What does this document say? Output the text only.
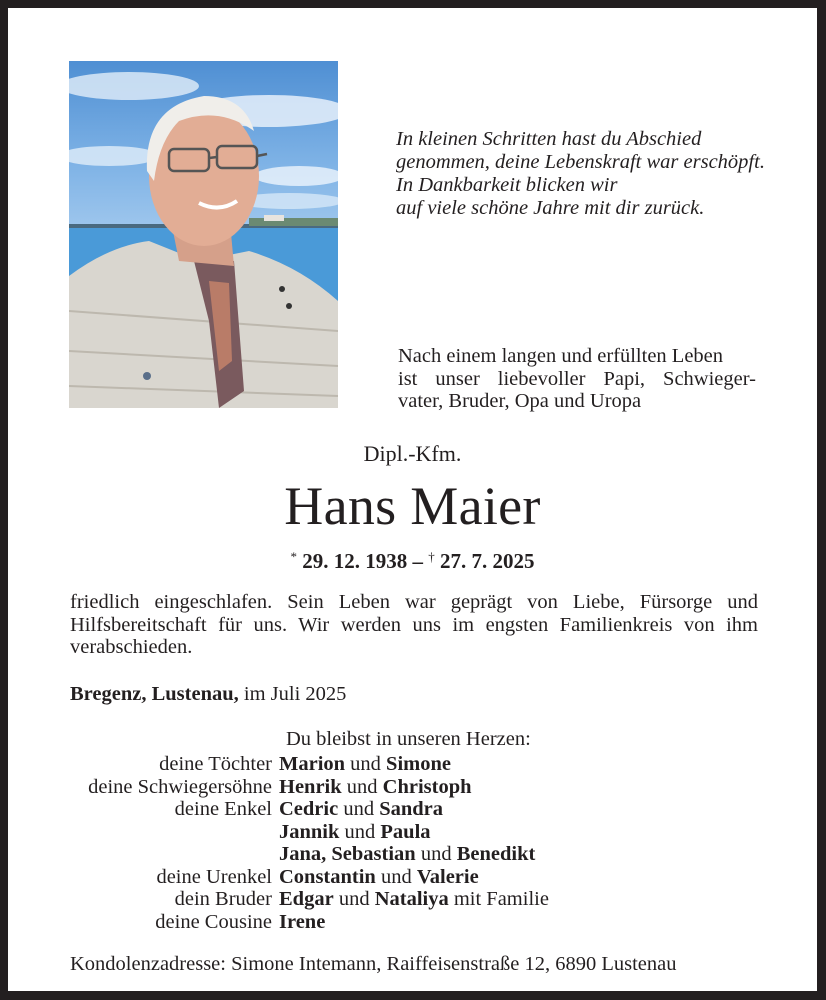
In kleinen Schritten hast du Abschied
genommen, deine Lebenskraft war erschöpft.
In Dankbarkeit blicken wir
auf viele schöne Jahre mit dir zurück.
Nach einem langen und erfüllten Leben
ist unser liebevoller Papi, Schwieger-
vater, Bruder, Opa und Uropa
Dipl.-Kfm.
Hans Maier
* 29. 12. 1938 – † 27. 7. 2025
friedlich eingeschlafen. Sein Leben war geprägt von Liebe, Fürsorge und
Hilfsbereitschaft für uns. Wir werden uns im engsten Familienkreis von ihm
verabschieden.
Bregenz, Lustenau, im Juli 2025
Du bleibst in unseren Herzen:
deine Töchter Marion und Simone
deine Schwiegersöhne Henrik und Christoph
deine Enkel Cedric und Sandra
Jannik und Paula
Jana, Sebastian und Benedikt
deine Urenkel Constantin und Valerie
dein Bruder Edgar und Nataliya mit Familie
deine Cousine Irene
Kondolenzadresse: Simone Intemann, Raiffeisenstraße 12, 6890 Lustenau
